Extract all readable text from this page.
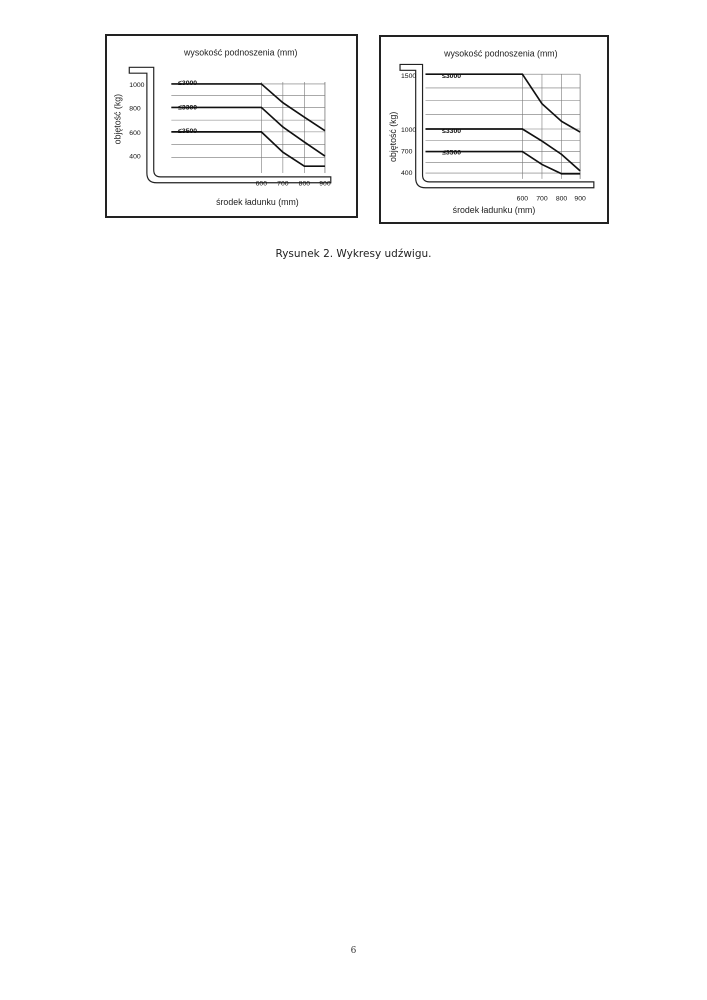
wysokość podnoszenia (mm)
środek ładunku (mm)
objętość (kg)
1000
800
600
400
600 700 800 900
≤3000
≤3300
≤3500
wysokość podnoszenia (mm)
środek ładunku (mm)
objętość (kg)
1500
1000
700
400
600 700 800 900
≤3000
≤3300
≤3500
Rysunek 2. Wykresy udźwigu.
6
